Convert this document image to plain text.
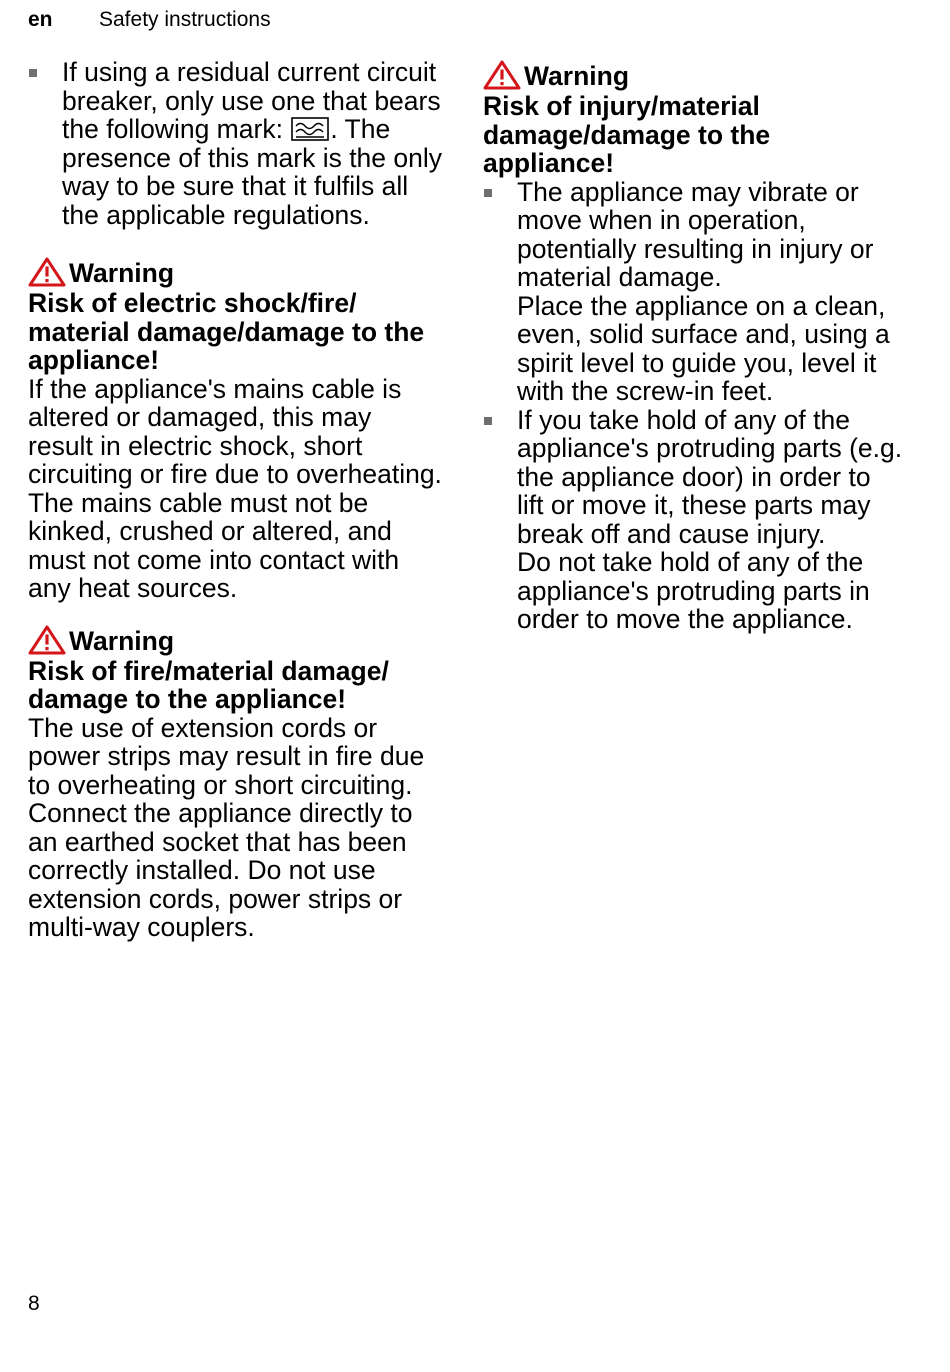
en Safety instructions
If using a residual current circuit breaker, only use one that bears the following mark: . The presence of this mark is the only way to be sure that it fulfils all the applicable regulations.
Warning
Risk of electric shock/fire/ material damage/damage to the appliance!

If the appliance's mains cable is altered or damaged, this may result in electric shock, short circuiting or fire due to overheating.

The mains cable must not be kinked, crushed or altered, and must not come into contact with any heat sources.

Warning
Risk of fire/material damage/ damage to the appliance!

The use of extension cords or power strips may result in fire due to overheating or short circuiting.

Connect the appliance directly to an earthed socket that has been correctly installed. Do not use extension cords, power strips or multi-way couplers.

Warning
Risk of injury/material damage/damage to the appliance!

The appliance may vibrate or move when in operation, potentially resulting in injury or material damage.

Place the appliance on a clean, even, solid surface and, using a spirit level to guide you, level it with the screw-in feet.

If you take hold of any of the appliance's protruding parts (e.g. the appliance door) in order to lift or move it, these parts may break off and cause injury.

Do not take hold of any of the appliance's protruding parts in order to move the appliance.

8
